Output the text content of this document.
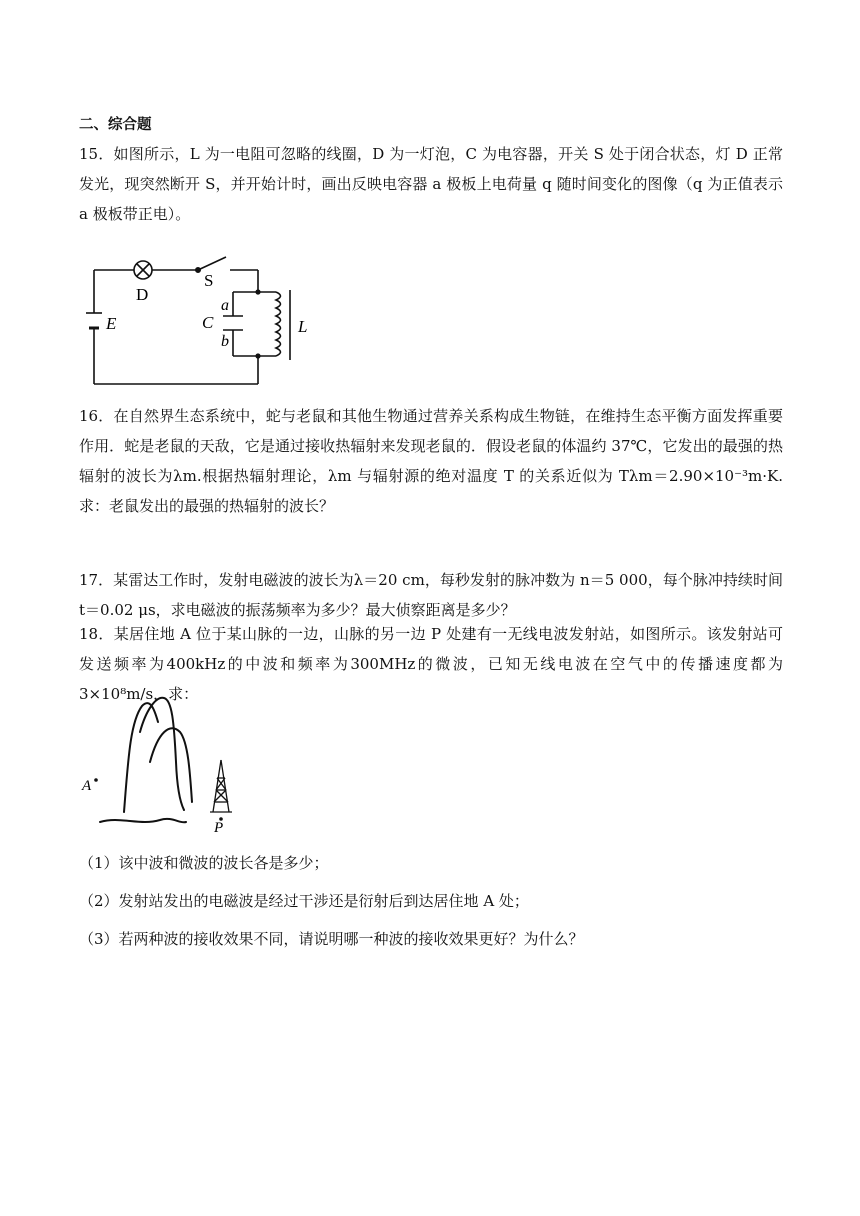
二、综合题
15．如图所示，L 为一电阻可忽略的线圈，D 为一灯泡，C 为电容器，开关 S 处于闭合状态，灯 D 正常发光，现突然断开 S，并开始计时，画出反映电容器 a 极板上电荷量 q 随时间变化的图像（q 为正值表示 a 极板带正电）。
D
S
E	C
a
b
L
16．在自然界生态系统中，蛇与老鼠和其他生物通过营养关系构成生物链，在维持生态平衡方面发挥重要作用．蛇是老鼠的天敌，它是通过接收热辐射来发现老鼠的．假设老鼠的体温约 37℃，它发出的最强的热辐射的波长为λm.根据热辐射理论，λm 与辐射源的绝对温度 T 的关系近似为 Tλm＝2.90×10⁻³m·K.求：老鼠发出的最强的热辐射的波长？
17．某雷达工作时，发射电磁波的波长为λ＝20 cm，每秒发射的脉冲数为 n＝5 000，每个脉冲持续时间 t＝0.02 μs，求电磁波的振荡频率为多少？最大侦察距离是多少？
18．某居住地 A 位于某山脉的一边，山脉的另一边 P 处建有一无线电波发射站，如图所示。该发射站可发送频率为400kHz的中波和频率为300MHz的微波，已知无线电波在空气中的传播速度都为3×10⁸m/s，求：
A
P
（1）该中波和微波的波长各是多少；
（2）发射站发出的电磁波是经过干涉还是衍射后到达居住地 A 处；
（3）若两种波的接收效果不同，请说明哪一种波的接收效果更好？为什么？
